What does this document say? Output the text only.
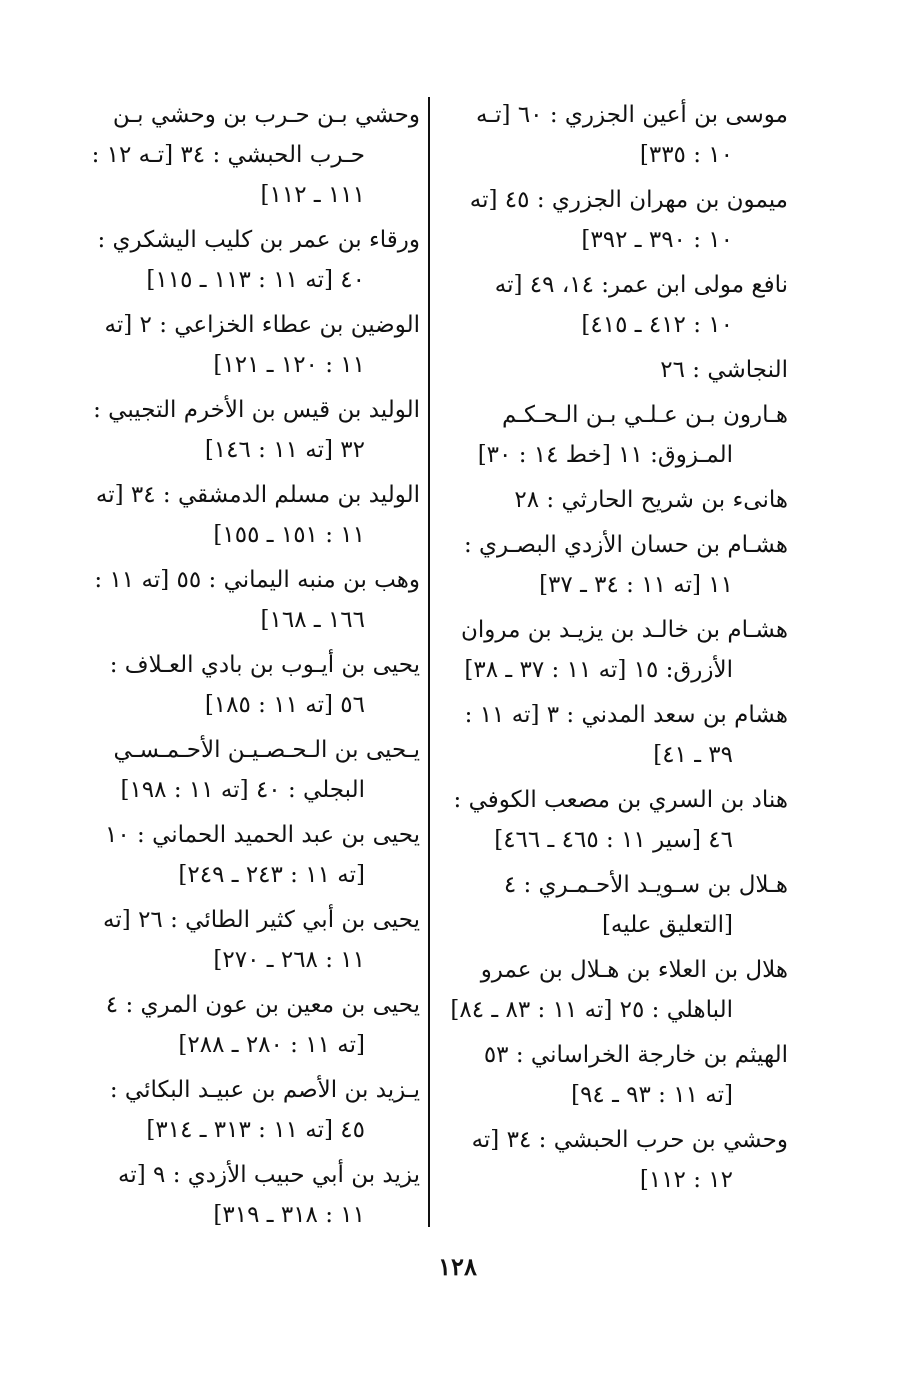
موسى بن أعين الجزري : ٦٠ [تـه
١٠ : ٣٣٥]
ميمون بن مهران الجزري : ٤٥ [ته
١٠ : ٣٩٠ ـ ٣٩٢]
نافع مولى ابن عمر: ١٤، ٤٩ [ته
١٠ : ٤١٢ ـ ٤١٥]
النجاشي : ٢٦
هـارون بـن عـلـي بـن الـحـكـم
المـزوق: ١١ [خط ١٤ : ٣٠]
هانىء بن شريح الحارثي : ٢٨
هشـام بن حسان الأزدي البصـري :
١١ [ته ١١ : ٣٤ ـ ٣٧]
هشـام بن خالـد بن يزيـد بن مروان
الأزرق: ١٥ [ته ١١ : ٣٧ ـ ٣٨]
هشام بن سعد المدني : ٣ [ته ١١ :
٣٩ ـ ٤١]
هناد بن السري بن مصعب الكوفي :
٤٦ [سير ١١ : ٤٦٥ ـ ٤٦٦]
هـلال بن سـويـد الأحـمـري : ٤
[التعليق عليه]
هلال بن العلاء بن هـلال بن عمرو
الباهلي : ٢٥ [ته ١١ : ٨٣ ـ ٨٤]
الهيثم بن خارجة الخراساني : ٥٣
[ته ١١ : ٩٣ ـ ٩٤]
وحشي بن حرب الحبشي : ٣٤ [ته
١٢ : ١١٢]
وحشي بـن حـرب بن وحشي بـن
حـرب الحبشي : ٣٤ [تـه ١٢ :
١١١ ـ ١١٢]
ورقاء بن عمر بن كليب اليشكري :
٤٠ [ته ١١ : ١١٣ ـ ١١٥]
الوضين بن عطاء الخزاعي : ٢ [ته
١١ : ١٢٠ ـ ١٢١]
الوليد بن قيس بن الأخرم التجيبي :
٣٢ [ته ١١ : ١٤٦]
الوليد بن مسلم الدمشقي : ٣٤ [ته
١١ : ١٥١ ـ ١٥٥]
وهب بن منبه اليماني : ٥٥ [ته ١١ :
١٦٦ ـ ١٦٨]
يحيى بن أيـوب بن بادي العـلاف :
٥٦ [ته ١١ : ١٨٥]
يـحيى بن الـحـصـيـن الأحـمـسـي
البجلي : ٤٠ [ته ١١ : ١٩٨]
يحيى بن عبد الحميد الحماني : ١٠
[ته ١١ : ٢٤٣ ـ ٢٤٩]
يحيى بن أبي كثير الطائي : ٢٦ [ته
١١ : ٢٦٨ ـ ٢٧٠]
يحيى بن معين بن عون المري : ٤
[ته ١١ : ٢٨٠ ـ ٢٨٨]
يـزيد بن الأصم بن عبيـد البكائي :
٤٥ [ته ١١ : ٣١٣ ـ ٣١٤]
يزيد بن أبي حبيب الأزدي : ٩ [ته
١١ : ٣١٨ ـ ٣١٩]
١٢٨
